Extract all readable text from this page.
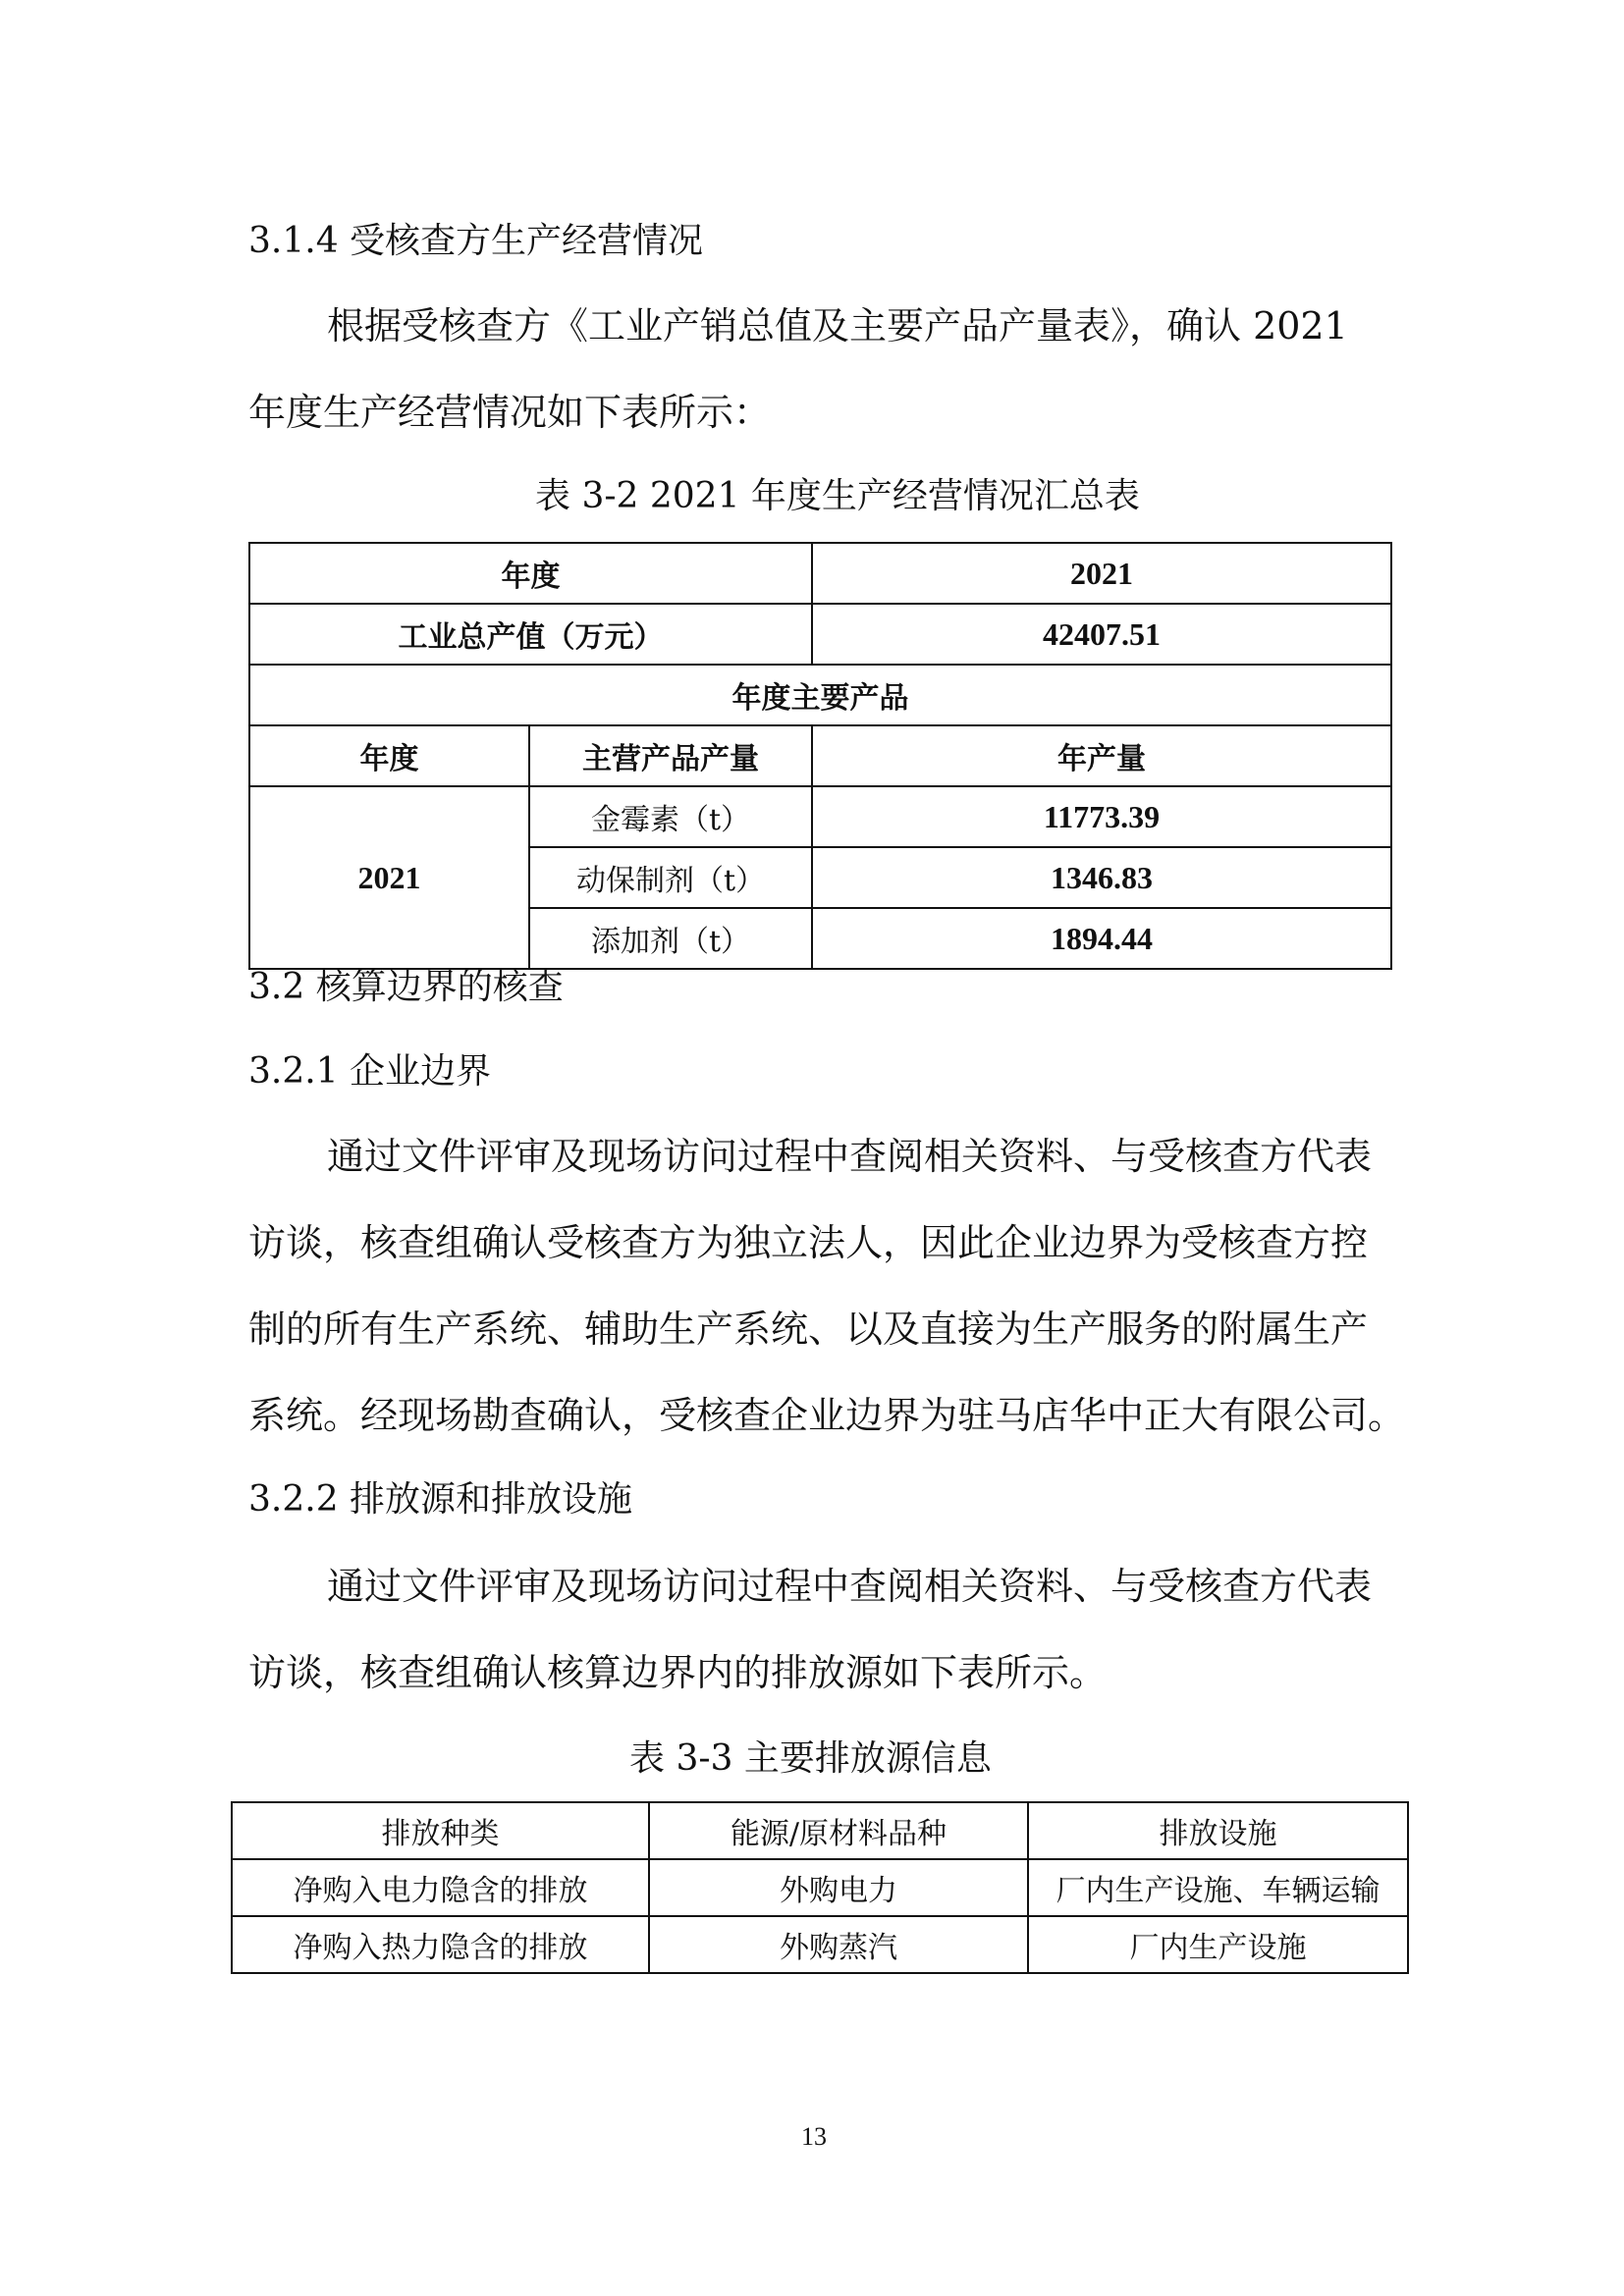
3.1.4 受核查方生产经营情况
根据受核查方《工业产销总值及主要产品产量表》，确认 2021
年度生产经营情况如下表所示：
表 3-2 2021 年度生产经营情况汇总表
年度		2021
工业总产值（万元）		42407.51
年度主要产品		
年度	主营产品产量	年产量
2021	金霉素（t）	11773.39
	动保制剂（t）	1346.83
	添加剂（t）	1894.44
3.2 核算边界的核查
3.2.1 企业边界
通过文件评审及现场访问过程中查阅相关资料、与受核查方代表
访谈，核查组确认受核查方为独立法人，因此企业边界为受核查方控
制的所有生产系统、辅助生产系统、以及直接为生产服务的附属生产
系统。经现场勘查确认，受核查企业边界为驻马店华中正大有限公司。
3.2.2 排放源和排放设施
通过文件评审及现场访问过程中查阅相关资料、与受核查方代表
访谈，核查组确认核算边界内的排放源如下表所示。
表 3-3 主要排放源信息
排放种类	能源/原材料品种	排放设施
净购入电力隐含的排放	外购电力	厂内生产设施、车辆运输
净购入热力隐含的排放	外购蒸汽	厂内生产设施
13
